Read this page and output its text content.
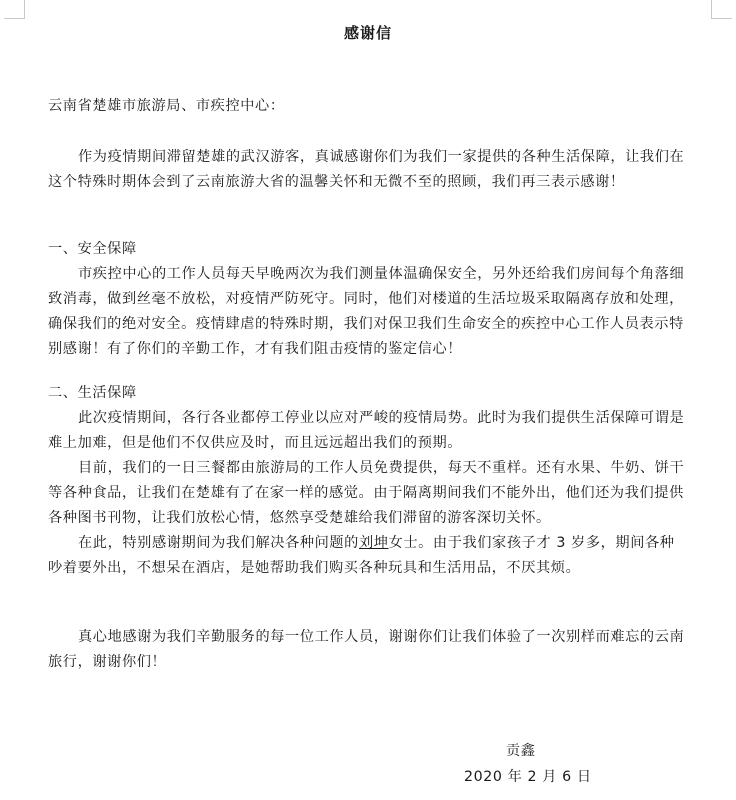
感谢信
云南省楚雄市旅游局、市疾控中心：
作为疫情期间滞留楚雄的武汉游客，真诚感谢你们为我们一家提供的各种生活保障，让我们在这个特殊时期体会到了云南旅游大省的温馨关怀和无微不至的照顾，我们再三表示感谢！
一、安全保障
市疾控中心的工作人员每天早晚两次为我们测量体温确保安全，另外还给我们房间每个角落细致消毒，做到丝毫不放松，对疫情严防死守。同时，他们对楼道的生活垃圾采取隔离存放和处理，确保我们的绝对安全。疫情肆虐的特殊时期，我们对保卫我们生命安全的疾控中心工作人员表示特别感谢！有了你们的辛勤工作，才有我们阻击疫情的鉴定信心！
二、生活保障
此次疫情期间，各行各业都停工停业以应对严峻的疫情局势。此时为我们提供生活保障可谓是难上加难，但是他们不仅供应及时，而且远远超出我们的预期。
目前，我们的一日三餐都由旅游局的工作人员免费提供，每天不重样。还有水果、牛奶、饼干等各种食品，让我们在楚雄有了在家一样的感觉。由于隔离期间我们不能外出，他们还为我们提供各种图书刊物，让我们放松心情，悠然享受楚雄给我们滞留的游客深切关怀。
在此，特别感谢期间为我们解决各种问题的刘坤女士。由于我们家孩子才 3 岁多，期间各种吵着要外出，不想呆在酒店，是她帮助我们购买各种玩具和生活用品，不厌其烦。
真心地感谢为我们辛勤服务的每一位工作人员，谢谢你们让我们体验了一次别样而难忘的云南旅行，谢谢你们！
贡鑫
2020 年 2 月 6 日
